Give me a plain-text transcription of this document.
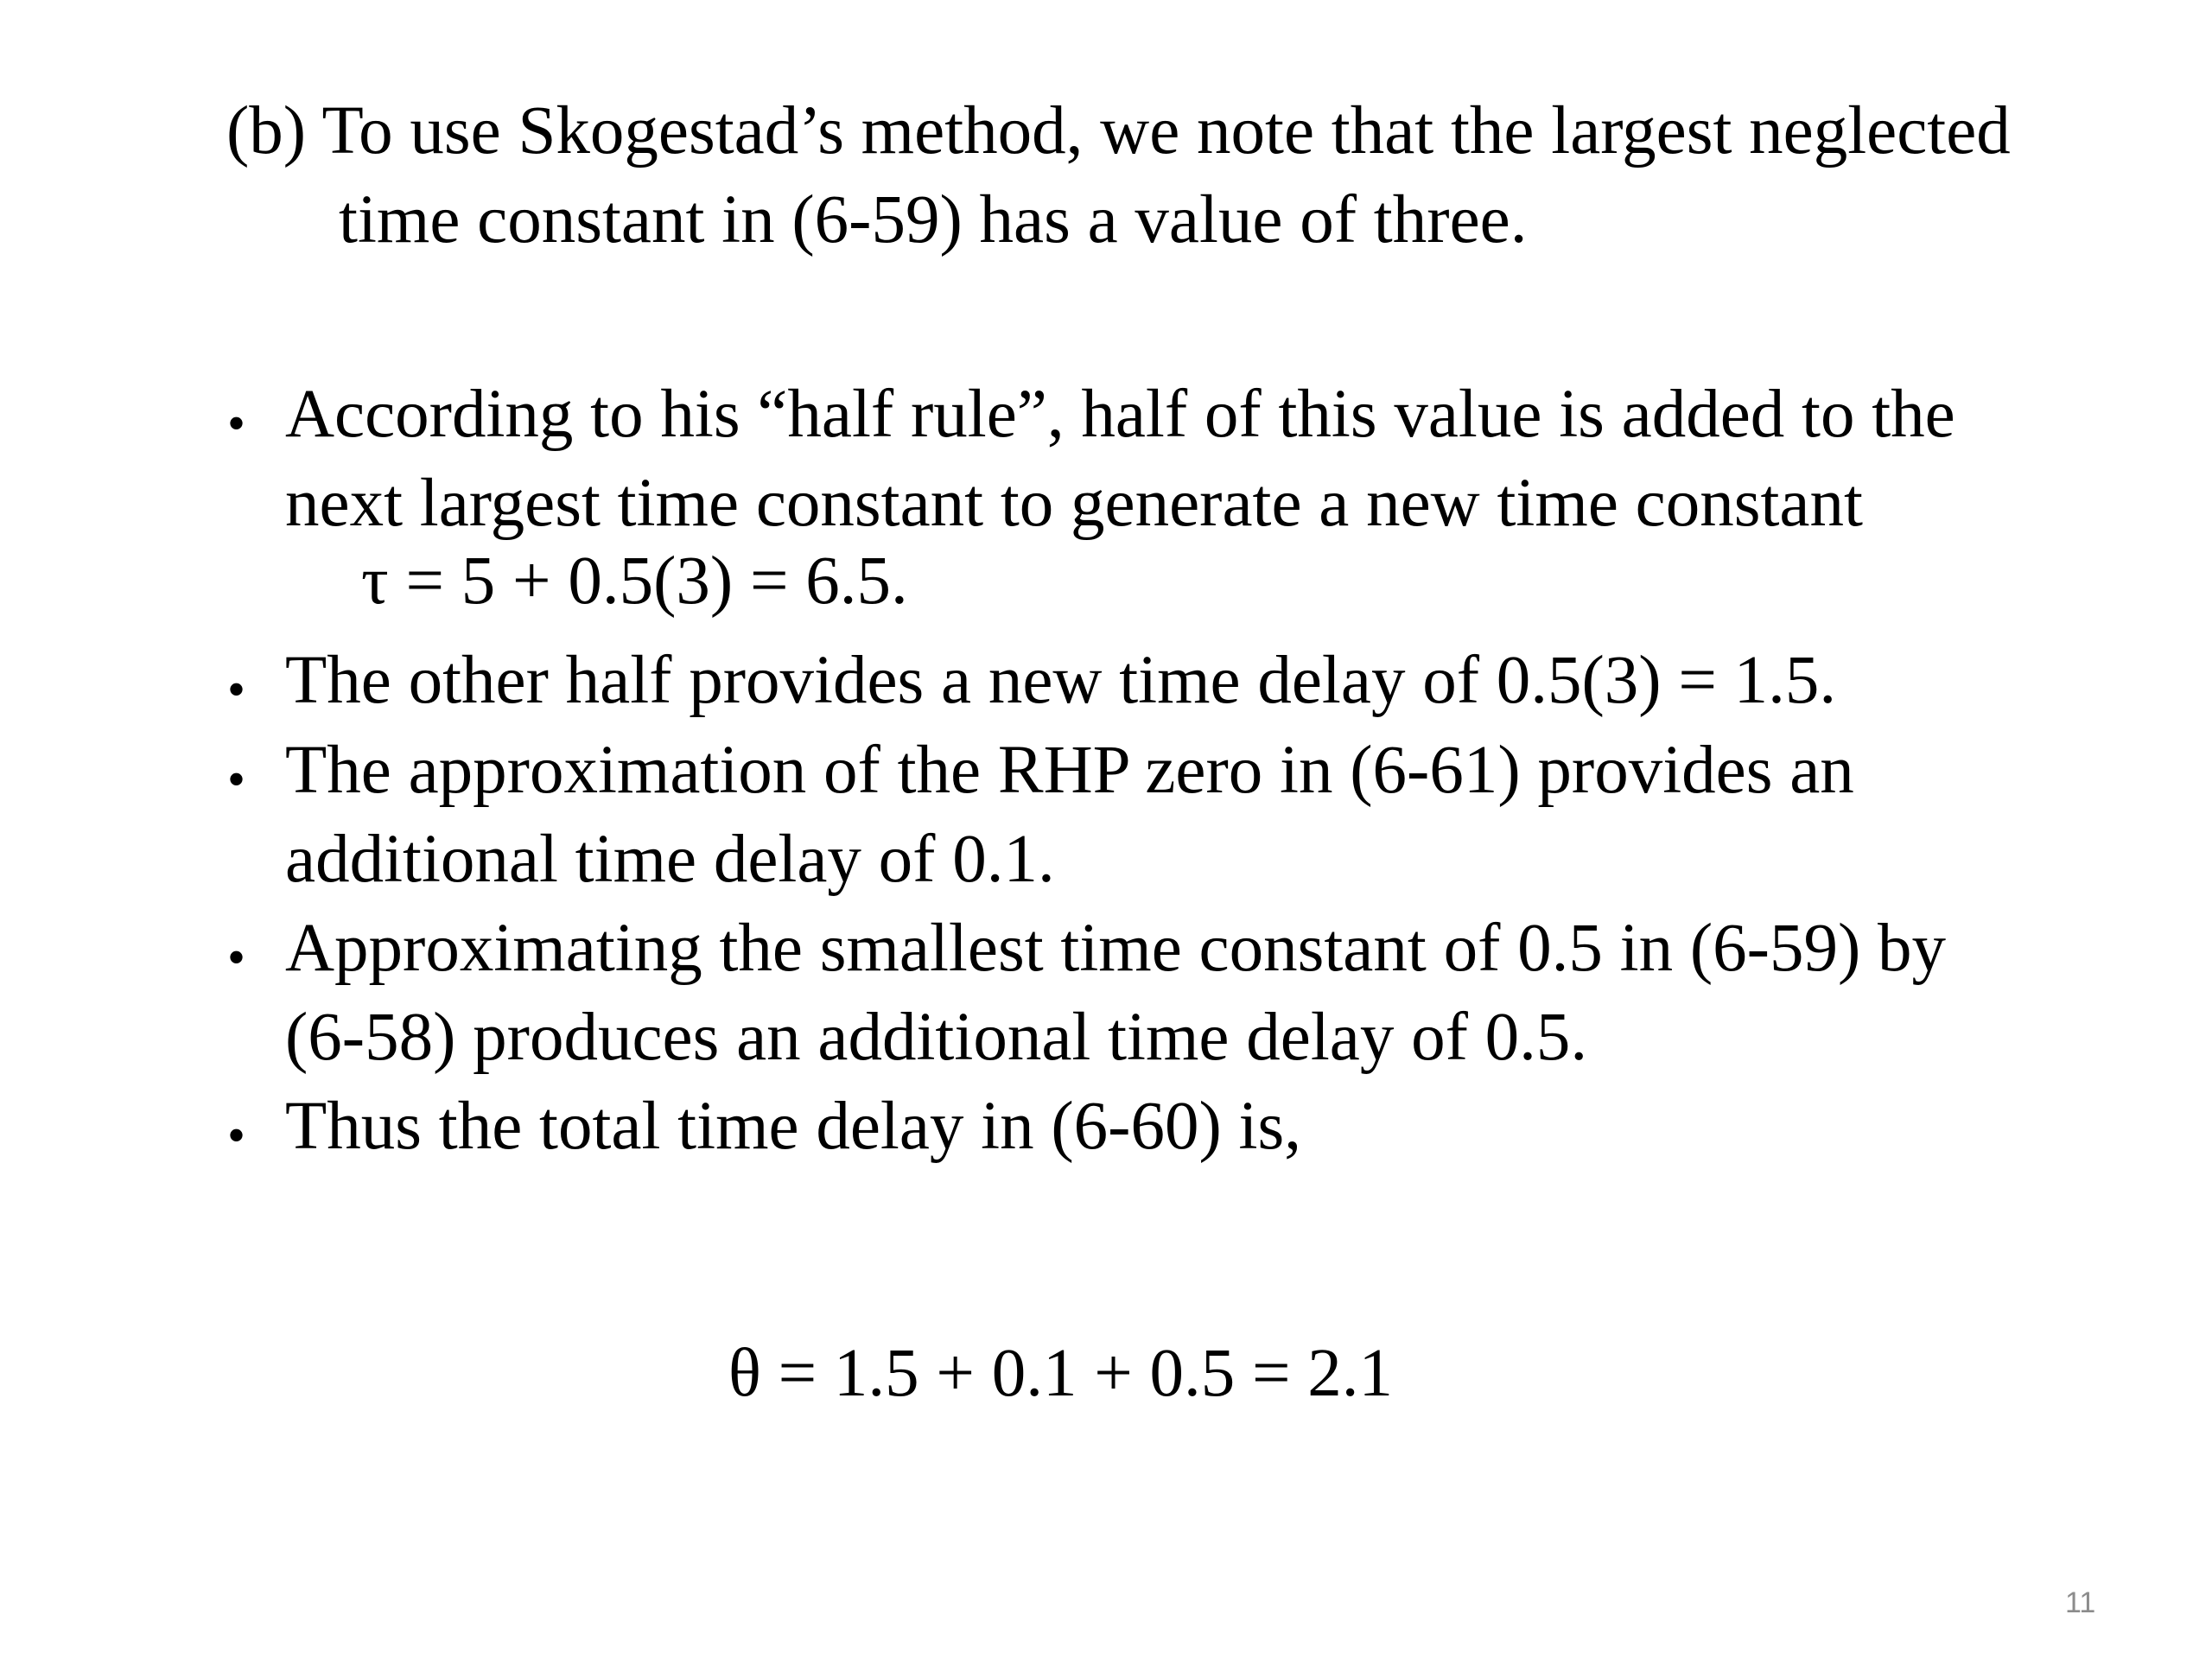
(b) To use Skogestad’s method, we note that the largest neglected
time constant in (6-59) has a value of three.
• According to his “half rule”, half of this value is added to the
next largest time constant to generate a new time constant
τ = 5 + 0.5(3) = 6.5.
• The other half provides a new time delay of 0.5(3) = 1.5.
• The approximation of the RHP zero in (6-61) provides an
additional time delay of 0.1.
• Approximating the smallest time constant of 0.5 in (6-59) by
(6-58) produces an additional time delay of 0.5.
• Thus the total time delay in (6-60) is,
θ = 1.5 + 0.1 + 0.5 = 2.1
11
